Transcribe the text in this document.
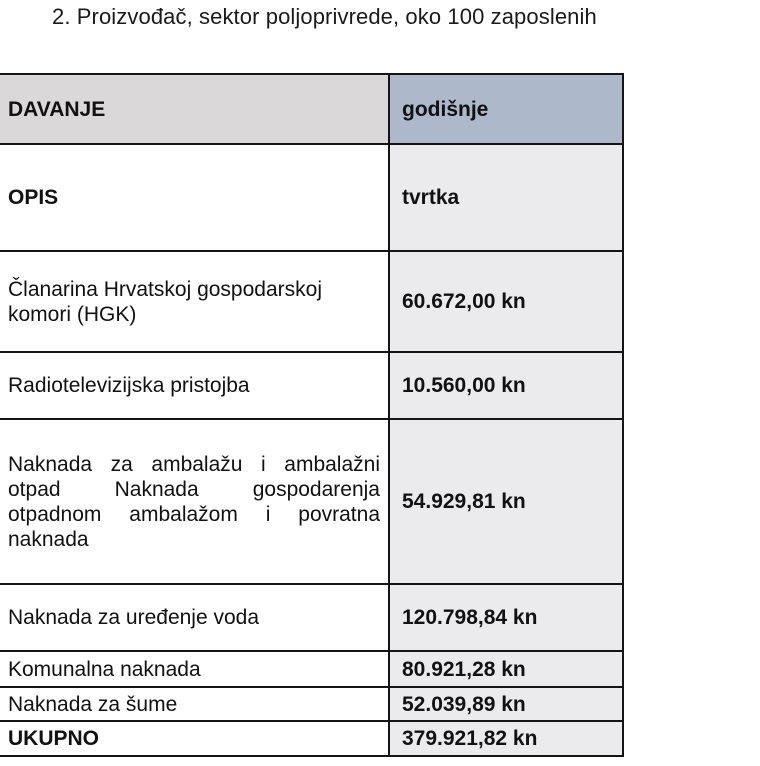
2. Proizvođač, sektor poljoprivrede, oko 100 zaposlenih
DAVANJE	godišnje
OPIS	tvrtka
Članarina Hrvatskoj gospodarskoj komori (HGK)	60.672,00 kn
Radiotelevizijska pristojba	10.560,00 kn
Naknada za ambalažu i ambalažni otpad Naknada gospodarenja otpadnom ambalažom i povratna naknada	54.929,81 kn
Naknada za uređenje voda	120.798,84 kn
Komunalna naknada	80.921,28 kn
Naknada za šume	52.039,89 kn
UKUPNO	379.921,82 kn
